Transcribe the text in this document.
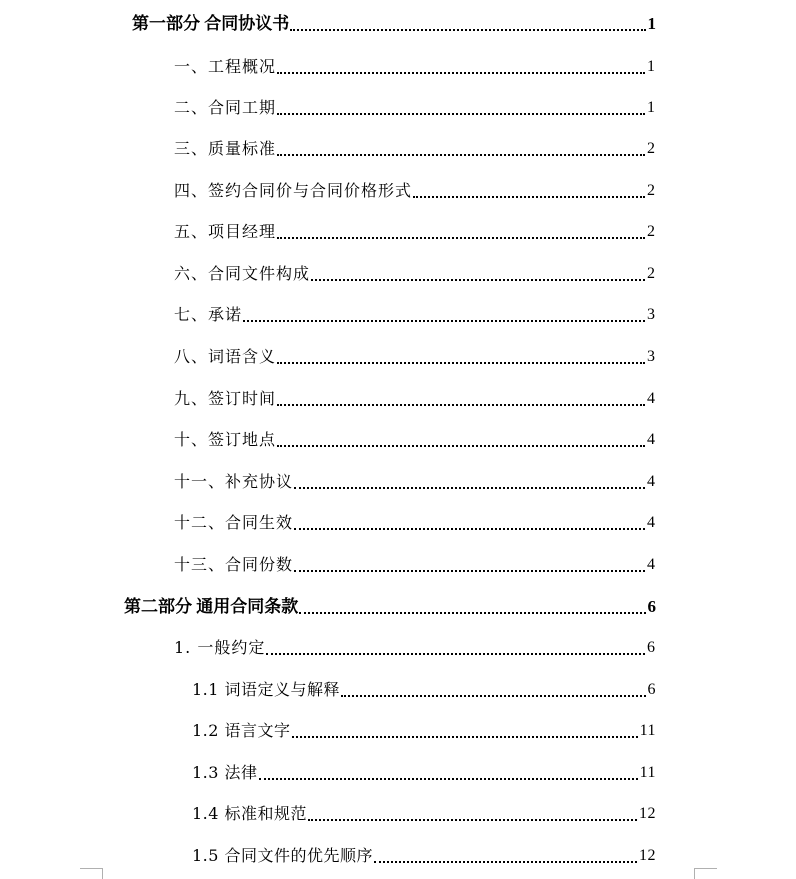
第一部分 合同协议书	1
一、工程概况	1
二、合同工期	1
三、质量标准	2
四、签约合同价与合同价格形式	2
五、项目经理	2
六、合同文件构成	2
七、承诺	3
八、词语含义	3
九、签订时间	4
十、签订地点	4
十一、补充协议	4
十二、合同生效	4
十三、合同份数	4
第二部分 通用合同条款	6
1. 一般约定	6
1.1 词语定义与解释	6
1.2 语言文字	11
1.3 法律	11
1.4 标准和规范	12
1.5 合同文件的优先顺序	12
